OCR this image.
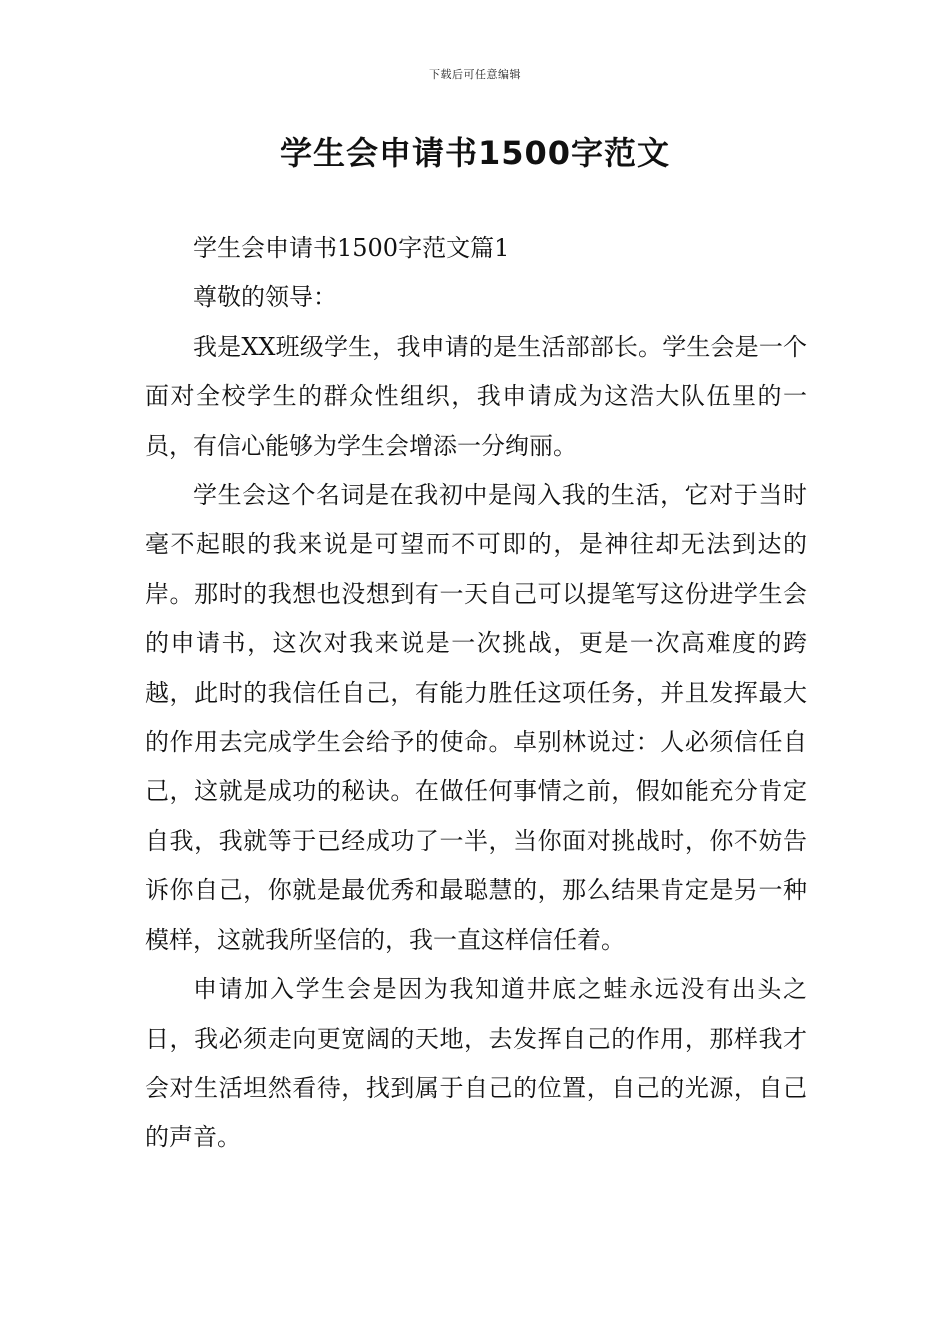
下载后可任意编辑
学生会申请书1500字范文

学生会申请书1500字范文篇1

尊敬的领导：

我是XX班级学生，我申请的是生活部部长。学生会是一个面对全校学生的群众性组织，我申请成为这浩大队伍里的一员，有信心能够为学生会增添一分绚丽。

学生会这个名词是在我初中是闯入我的生活，它对于当时毫不起眼的我来说是可望而不可即的，是神往却无法到达的岸。那时的我想也没想到有一天自己可以提笔写这份进学生会的申请书，这次对我来说是一次挑战，更是一次高难度的跨越，此时的我信任自己，有能力胜任这项任务，并且发挥最大的作用去完成学生会给予的使命。卓别林说过：人必须信任自己，这就是成功的秘诀。在做任何事情之前，假如能充分肯定自我，我就等于已经成功了一半，当你面对挑战时，你不妨告诉你自己，你就是最优秀和最聪慧的，那么结果肯定是另一种模样，这就我所坚信的，我一直这样信任着。

申请加入学生会是因为我知道井底之蛙永远没有出头之日，我必须走向更宽阔的天地，去发挥自己的作用，那样我才会对生活坦然看待，找到属于自己的位置，自己的光源，自己的声音。
